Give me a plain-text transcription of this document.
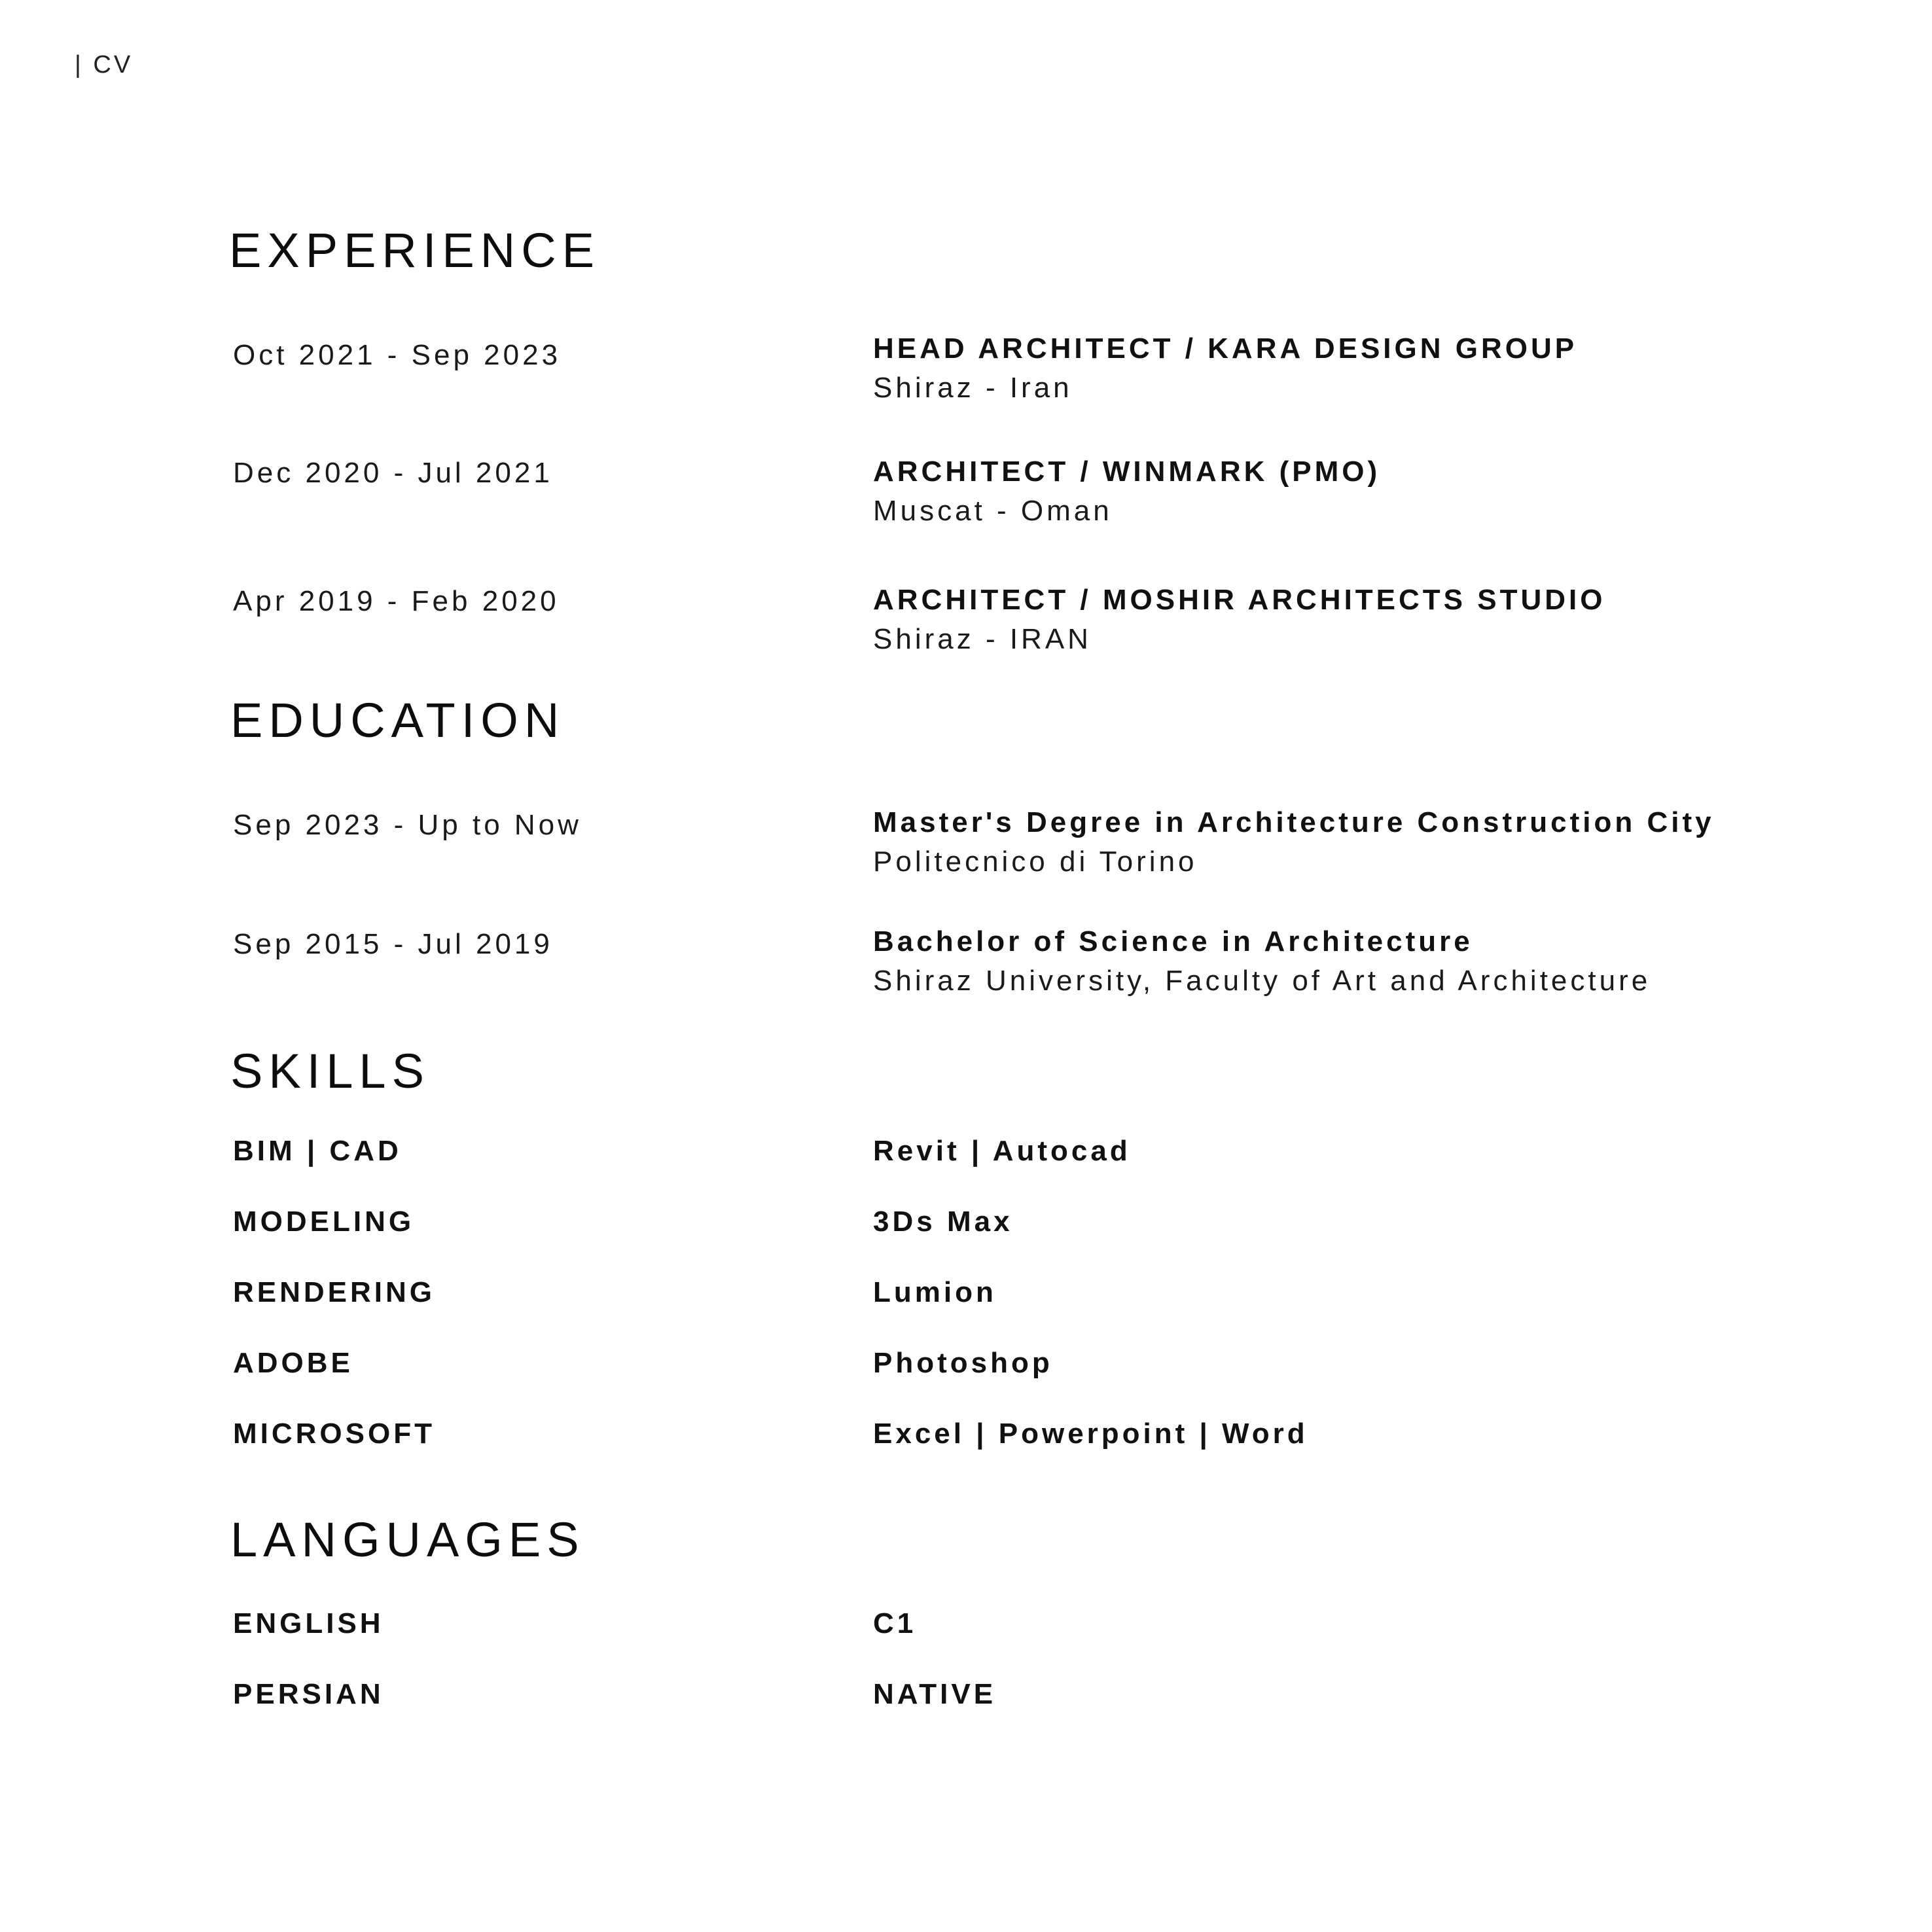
| CV
EXPERIENCE
Oct 2021 - Sep 2023	HEAD ARCHITECT / KARA DESIGN GROUP
Shiraz - Iran
Dec 2020 - Jul 2021	ARCHITECT / WINMARK (PMO)
Muscat - Oman
Apr 2019 - Feb 2020	ARCHITECT / MOSHIR ARCHITECTS STUDIO
Shiraz - IRAN
EDUCATION
Sep 2023 - Up to Now	Master's Degree in Architecture Construction City
Politecnico di Torino
Sep 2015 - Jul 2019	Bachelor of Science in Architecture
Shiraz University, Faculty of Art and Architecture
SKILLS
BIM | CAD	Revit | Autocad
MODELING	3Ds Max
RENDERING	Lumion
ADOBE	Photoshop
MICROSOFT	Excel | Powerpoint | Word
LANGUAGES
ENGLISH	C1
PERSIAN	NATIVE
